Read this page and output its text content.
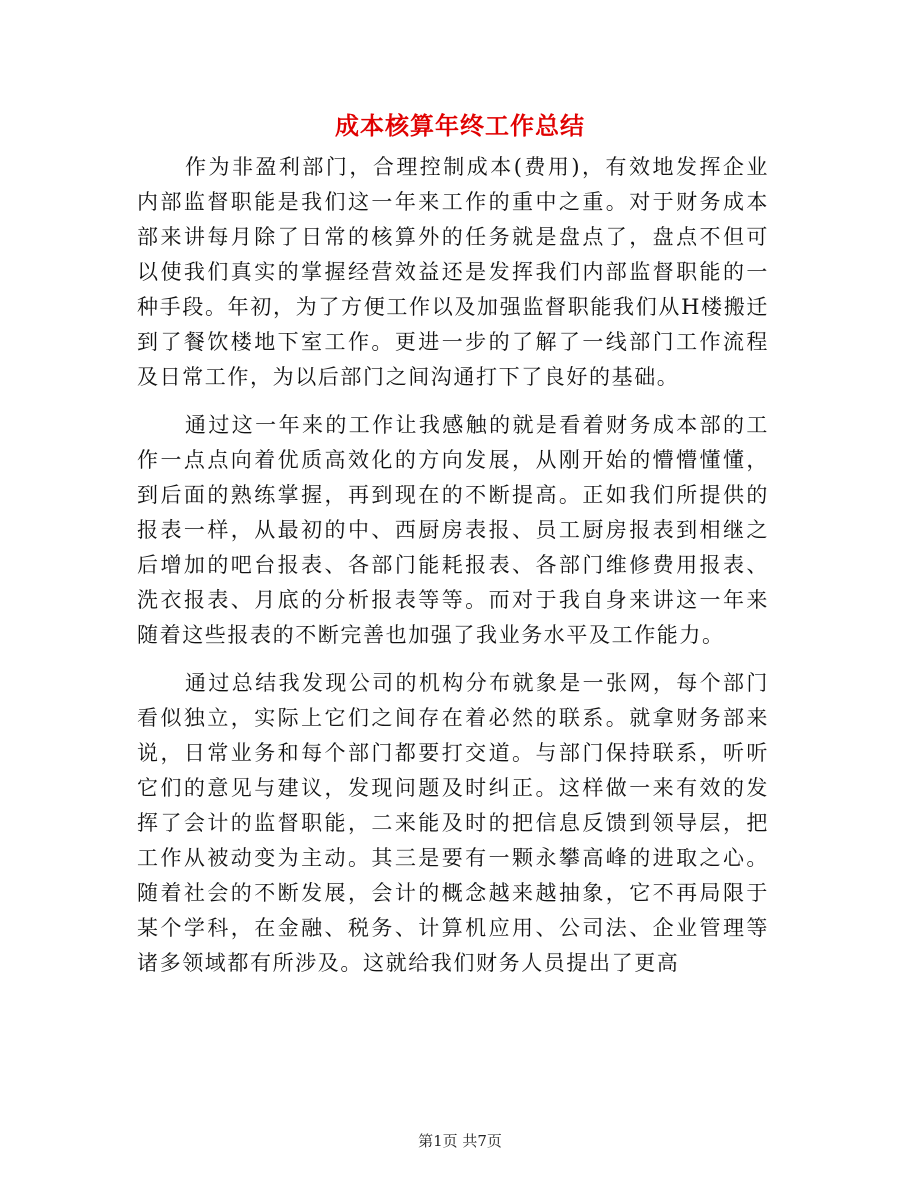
成本核算年终工作总结

作为非盈利部门，合理控制成本(费用)，有效地发挥企业内部监督职能是我们这一年来工作的重中之重。对于财务成本部来讲每月除了日常的核算外的任务就是盘点了，盘点不但可以使我们真实的掌握经营效益还是发挥我们内部监督职能的一种手段。年初，为了方便工作以及加强监督职能我们从H楼搬迁到了餐饮楼地下室工作。更进一步的了解了一线部门工作流程及日常工作，为以后部门之间沟通打下了良好的基础。

通过这一年来的工作让我感触的就是看着财务成本部的工作一点点向着优质高效化的方向发展，从刚开始的懵懵懂懂，到后面的熟练掌握，再到现在的不断提高。正如我们所提供的报表一样，从最初的中、西厨房表报、员工厨房报表到相继之后增加的吧台报表、各部门能耗报表、各部门维修费用报表、洗衣报表、月底的分析报表等等。而对于我自身来讲这一年来随着这些报表的不断完善也加强了我业务水平及工作能力。

通过总结我发现公司的机构分布就象是一张网，每个部门看似独立，实际上它们之间存在着必然的联系。就拿财务部来说，日常业务和每个部门都要打交道。与部门保持联系，听听它们的意见与建议，发现问题及时纠正。这样做一来有效的发挥了会计的监督职能，二来能及时的把信息反馈到领导层，把工作从被动变为主动。其三是要有一颗永攀高峰的进取之心。随着社会的不断发展，会计的概念越来越抽象，它不再局限于某个学科，在金融、税务、计算机应用、公司法、企业管理等诸多领域都有所涉及。这就给我们财务人员提出了更高

第1页 共7页
